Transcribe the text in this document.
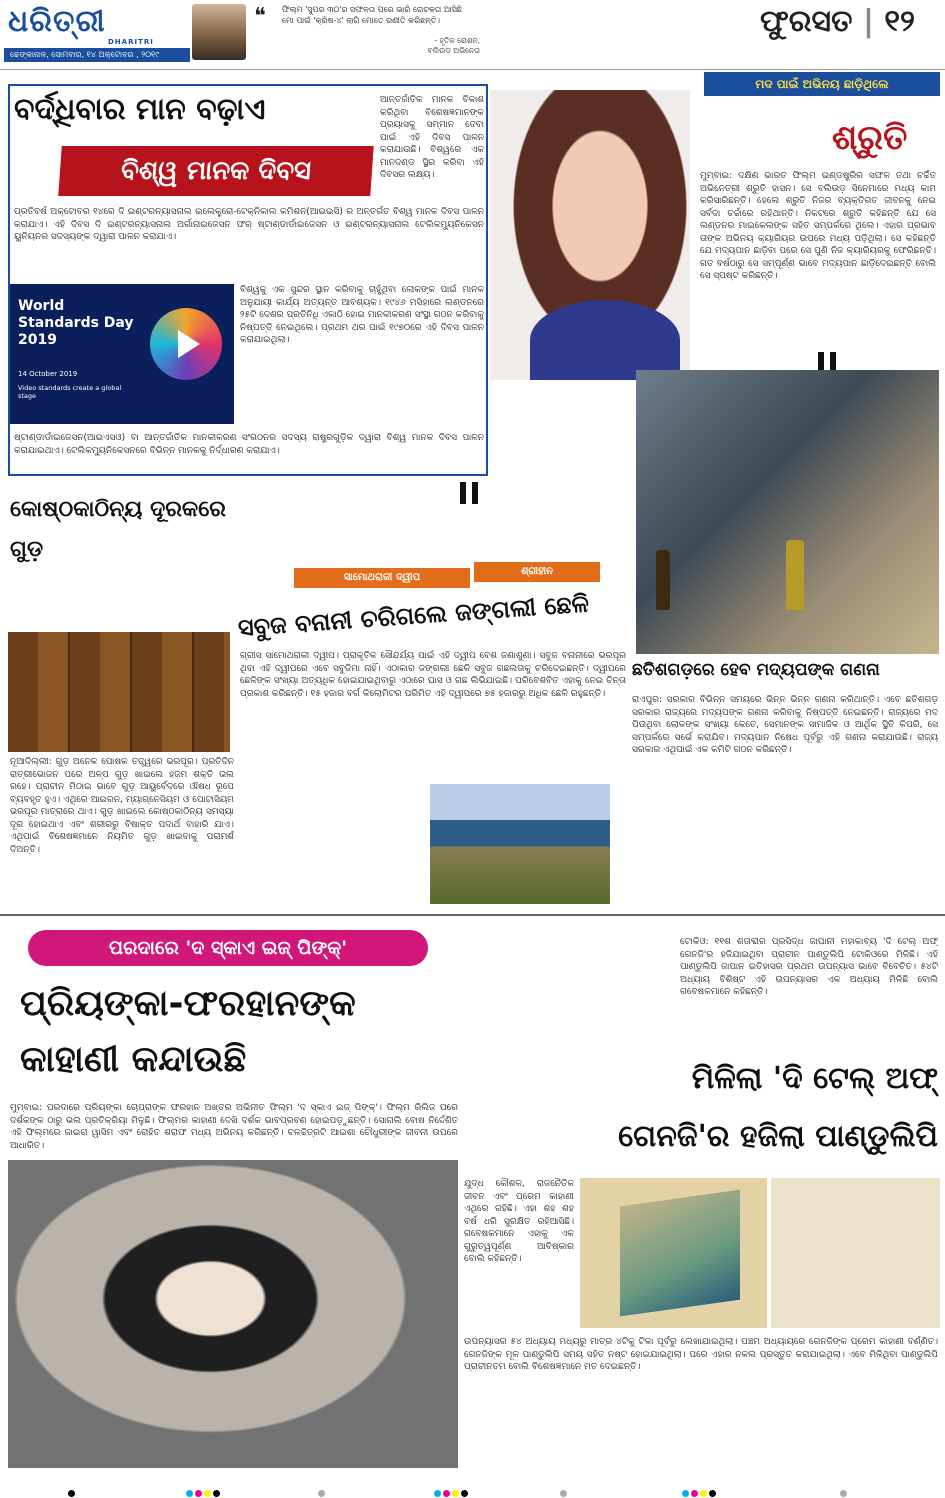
ଧରିତ୍ରୀ
DHARITRI
ଢେଙ୍କାନାଳ, ସୋମବାର, ୧୪ ଅକ୍ଟୋବର , ୨୦୧୯
❝ ଫିଲ୍ମ 'ସୁପର ୩୦'ର ସଫଳତା ପରେ ଭାରି ରୋଚକତା ଆସିଛି ମୋ ପାଇଁ 'କ୍ରିଷ-୪' ଲାଗି ମୋତେ ରଣୀତି କରିଛନ୍ତି।
- ହୃତିକ ରୋଶନ,
ବଲିଉଡ଼ ଅଭିନେତା
ଫୁରସତ | ୧୨
ବର୍ଦ୍ଧିବାର ମାନ ବଢ଼ାଏ
ବିଶ୍ୱ ମାନକ ଦିବସ
ଆନ୍ତର୍ଜାତିକ ମାନକ ବିକାଶ କରିଥିବା ବିଶେଷଜ୍ଞମାନଙ୍କ ପ୍ରୟାସକୁ ସମ୍ମାନ ଦେବା ପାଇଁ ଏହି ଦିବସ ପାଳନ କରାଯାଉଛି। ବିଶ୍ୱରେ ଏକ ମାନଦଣ୍ଡ ସ୍ଥିର କରିବା ଏହି ଦିବସର ଲକ୍ଷ୍ୟ।
ପ୍ରତିବର୍ଷ ଅକ୍ଟୋବର ୧୪ରେ ଦି ଇଣ୍ଟରନ୍ୟାସନାଲ ଇଲେକ୍ଟ୍ରୋ-ଟେକ୍ନିକାଲ କମିଶନ(ଆଇଇସି) ର ଅନ୍ତର୍ଗତ ବିଶ୍ୱ ମାନକ ଦିବସ ପାଳନ କରାଯାଏ। ଏହି ଦିବସ ଦି ଇଣ୍ଟରନ୍ୟାସନାଲ ଅର୍ଗାନାଇଜେସନ ଫର୍ ଷ୍ଟାଣ୍ଡାର୍ଡାଇଜେସନ ଓ ଇଣ୍ଟରନ୍ୟାସନାଲ ଟେଲିକମ୍ୟୁନିକେସନ ୟୁନିୟନର ସଦସ୍ୟଙ୍କ ଦ୍ୱାରା ପାଳନ କରାଯାଏ।
World Standards Day 2019
14 October 2019
Video standards create a global stage
ବିଶ୍ୱକୁ ଏକ ସୁନ୍ଦର ସ୍ଥାନ କରିବାକୁ ଚାହୁଁଥିବା ଲୋକଙ୍କ ପାଇଁ ମାନକ ଅନୁଯାୟୀ କାର୍ଯ୍ୟ ଅତ୍ୟନ୍ତ ଆବଶ୍ୟକ। ୧୯୪୬ ମସିହାରେ ଲଣ୍ଡନରେ ୨୫ଟି ଦେଶର ପ୍ରତିନିଧି ଏକାଠି ହୋଇ ମାନକୀକରଣ ସଂସ୍ଥା ଗଠନ କରିବାକୁ ନିଷ୍ପତ୍ତି ନେଇଥିଲେ। ପ୍ରଥମ ଥର ପାଇଁ ୧୯୭୦ରେ ଏହି ଦିବସ ପାଳନ କରାଯାଇଥିଲା।
ଷ୍ଟାଣ୍ଡାର୍ଡାଇଜେସନ(ଆଇଏସଓ) ବା ଆନ୍ତର୍ଜାତିକ ମାନକୀକରଣ ସଂଗଠନର ସଦସ୍ୟ ରାଷ୍ଟ୍ରଗୁଡ଼ିକ ଦ୍ୱାରା ବିଶ୍ୱ ମାନକ ଦିବସ ପାଳନ କରାଯାଇଥାଏ। ଟେଲିକମ୍ୟୁନିକେସନରେ ବିଭିନ୍ନ ମାନକକୁ ନିର୍ଦ୍ଧାରଣ କରାଯାଏ।
ମଦ ପାଇଁ ଅଭିନୟ ଛାଡ଼ିଥିଲେ
ଶ୍ରୁତି
ମୁମ୍ବାଇ: ଦକ୍ଷିଣ ଭାରତ ଫିଲ୍ମ ଇଣ୍ଡଷ୍ଟ୍ରିର ସଫଳ ତଥା ଚର୍ଚ୍ଚିତ ଅଭିନେତ୍ରୀ ଶ୍ରୁତି ହାସନ। ସେ ବଲିଉଡ଼ ସିନେମାରେ ମଧ୍ୟ କାମ କରିସାରିଛନ୍ତି। ହେଲେ ଶ୍ରୁତି ନିଜର ବ୍ୟକ୍ତିଗତ ଜୀବନକୁ ନେଇ ସର୍ବଦା ଚର୍ଚ୍ଚାରେ ରହିଥାନ୍ତି। ନିକଟରେ ଶ୍ରୁତି କହିଛନ୍ତି ଯେ ସେ ଲଣ୍ଡନର ମାଇକେଲଙ୍କ ସହିତ ସମ୍ପର୍କରେ ଥିଲେ। ଏହାର ପ୍ରଭାବ ତାଙ୍କ ଅଭିନୟ କ୍ୟାରିୟର ଉପରେ ମଧ୍ୟ ପଡ଼ିଥିଲା। ସେ କହିଛନ୍ତି ଯେ ମଦ୍ୟପାନ ଛାଡ଼ିବା ପରେ ସେ ପୁଣି ନିଜ କ୍ୟାରିୟରକୁ ଫେରିଛନ୍ତି। ଗତ ବର୍ଷଠାରୁ ସେ ସମ୍ପୂର୍ଣ୍ଣ ଭାବେ ମଦ୍ୟପାନ ଛାଡ଼ିଦେଇଛନ୍ତି ବୋଲି ସେ ସ୍ପଷ୍ଟ କରିଛନ୍ତି।
କୋଷ୍ଠକାଠିନ୍ୟ ଦୂରକରେ ଗୁଡ଼
ନୂଆଦିଲ୍ଲୀ: ଗୁଡ଼ ଅନେକ ପୋଷକ ତତ୍ତ୍ୱରେ ଭରପୂର। ପ୍ରତିଦିନ ରାତ୍ରୀଭୋଜନ ପରେ ଅଳ୍ପ ଗୁଡ଼ ଖାଇଲେ ହଜମ ଶକ୍ତି ଭଲ ରହେ। ପ୍ରାଚୀନ ମିଠାଇ ଭାବେ ଗୁଡ଼ ଆୟୁର୍ବେଦରେ ଔଷଧ ରୂପେ ବ୍ୟବହୃତ ହୁଏ। ଏଥିରେ ଆଇରନ, ମ୍ୟାଗ୍ନେସିୟମ ଓ ପୋଟାସିୟମ ଭରପୂର ମାତ୍ରାରେ ଥାଏ। ଗୁଡ଼ ଖାଇଲେ କୋଷ୍ଠକାଠିନ୍ୟ ସମସ୍ୟା ଦୂର ହୋଇଥାଏ ଏବଂ ଶରୀରରୁ ବିଷାକ୍ତ ପଦାର୍ଥ ବାହାରି ଯାଏ। ଏଥିପାଇଁ ବିଶେଷଜ୍ଞମାନେ ନିୟମିତ ଗୁଡ଼ ଖାଇବାକୁ ପରାମର୍ଶ ଦିଅନ୍ତି।
ସାମୋଥରାକୀ ଦ୍ୱୀପ
ଶ୍ରୀହୀନ
ସବୁଜ ବନାନୀ ଚରିଗଲେ ଜଙ୍ଗଲୀ ଛେଳି
ଗ୍ରୀସ ସାମୋଥରାକୀ ଦ୍ୱୀପ। ପ୍ରାକୃତିକ ସୌନ୍ଦର୍ଯ୍ୟ ପାଇଁ ଏହି ଦ୍ୱୀପ ବେଶ ଜଣାଶୁଣା। ସବୁଜ ବନାନୀରେ ଭରପୂର ଥିବା ଏହି ଦ୍ୱୀପରେ ଏବେ ସବୁଜିମା ନାହିଁ। ଏଠାକାର ଜଙ୍ଗଲୀ ଛେଳି ସବୁଜ ଗଛଲତାକୁ ଚରିଦେଇଛନ୍ତି। ଦ୍ୱୀପରେ ଛେଳିଙ୍କ ସଂଖ୍ୟା ଅତ୍ୟଧିକ ହୋଇଯାଇଥିବାରୁ ଏଠାରେ ଘାସ ଓ ଗଛ ଲିଭିଯାଇଛି। ପରିବେଶବିତ ଏହାକୁ ନେଇ ଚିନ୍ତା ପ୍ରକାଶ କରିଛନ୍ତି। ୧୫ ହଜାର ବର୍ଗ କିଲୋମିଟର ପରିମିତ ଏହି ଦ୍ୱୀପରେ ୭୫ ହଜାରରୁ ଅଧିକ ଛେଳି ରହୁଛନ୍ତି।
ଛତିଶଗଡ଼ରେ ହେବ ମଦ୍ୟପଙ୍କ ଗଣନା
ରାଏପୁର: ସରକାର ବିଭିନ୍ନ ସମୟରେ ଭିନ୍ନ ଭିନ୍ନ ଗଣନା କରିଥାନ୍ତି। ଏବେ ଛତିଶଗଡ଼ ସରକାର ରାଜ୍ୟରେ ମଦ୍ୟପଙ୍କ ଗଣନା କରିବାକୁ ନିଷ୍ପତ୍ତି ନେଇଛନ୍ତି। ରାଜ୍ୟରେ ମଦ ପିଉଥିବା ଲୋକଙ୍କ ସଂଖ୍ୟା କେତେ, ସେମାନଙ୍କ ସାମାଜିକ ଓ ଆର୍ଥିକ ସ୍ଥିତି କିପରି, ସେ ସମ୍ପର୍କରେ ସର୍ଭେ କରାଯିବ। ମଦ୍ୟପାନ ନିଷେଧ ପୂର୍ବରୁ ଏହି ଗଣନା କରାଯାଉଛି। ରାଜ୍ୟ ସରକାର ଏଥିପାଇଁ ଏକ କମିଟି ଗଠନ କରିଛନ୍ତି।
ପରଦାରେ 'ଦ ସ୍କାଏ ଇଜ୍ ପିଙ୍କ୍'
ପ୍ରିୟଙ୍କା-ଫରହାନଙ୍କ
କାହାଣୀ କନ୍ଦାଉଛି
ମୁମ୍ବାଇ: ପରଦାରେ ପ୍ରିୟଙ୍କା ଚୋପ୍ରାଙ୍କ ଫରହାନ ଅଖ୍ତର ଅଭିନୀତ ଫିଲ୍ମ 'ଦ ସ୍କାଏ ଇଜ୍ ପିଙ୍କ୍'। ଫିଲ୍ମ ରିଲିଜ ପରେ ଦର୍ଶକଙ୍କ ଠାରୁ ଭଲ ପ୍ରତିକ୍ରିୟା ମିଳୁଛି। ଫିଲ୍ମର କାହାଣୀ ଦେଖି ଦର୍ଶକ ଭାବପ୍ରବଣ ହୋଇପଡ଼ୁଛନ୍ତି। ସୋନାଲି ବୋଷ ନିର୍ଦ୍ଦେଶିତ ଏହି ଫିଲ୍ମରେ ଜାଇରା ୱାସିମ ଏବଂ ରୋହିତ ଶରାଫ ମଧ୍ୟ ଅଭିନୟ କରିଛନ୍ତି। ଚଳଚ୍ଚିତ୍ରଟି ଆଇଶା ଚୌଧୁରୀଙ୍କ ଜୀବନୀ ଉପରେ ଆଧାରିତ।
ଟୋକିଓ: ୧୧ଶ ଶତାବ୍ଦୀର ପ୍ରସିଦ୍ଧ ଜାପାନୀ ମହାକାବ୍ୟ 'ଦି ଟେଲ୍ ଅଫ୍ ଗେନଜି'ର ହଜିଯାଇଥିବା ପ୍ରାଚୀନ ପାଣ୍ଡୁଲିପି ଟୋକିଓରେ ମିଳିଛି। ଏହି ପାଣ୍ଡୁଲିପି ଜାପାନ ଇତିହାସର ପ୍ରଥମ ଉପନ୍ୟାସ ଭାବେ ବିବେଚିତ। ୫୪ଟି ଅଧ୍ୟାୟ ବିଶିଷ୍ଟ ଏହି ଉପନ୍ୟାସର ଏକ ଅଧ୍ୟାୟ ମିଳିଛି ବୋଲି ଗବେଷକମାନେ କହିଛନ୍ତି।
ମିଳିଲା 'ଦି ଟେଲ୍ ଅଫ୍
ଗେନଜି'ର ହଜିଲା ପାଣ୍ଡୁଲିପି
ଯୁଦ୍ଧ କୌଶଳ, ରାଜନୈତିକ ଜୀବନ ଏବଂ ପ୍ରେମ କାହାଣୀ ଏଥିରେ ରହିଛି। ଏହା ଶହ ଶହ ବର୍ଷ ଧରି ସୁରକ୍ଷିତ ରହିଆସିଛି। ଗବେଷକମାନେ ଏହାକୁ ଏକ ଗୁରୁତ୍ୱପୂର୍ଣ୍ଣ ଆବିଷ୍କାର ବୋଲି କହିଛନ୍ତି।
ଉପନ୍ୟାସର ୫୪ ଅଧ୍ୟାୟ ମଧ୍ୟରୁ ମାତ୍ର ୪ଟିକୁ ଟିକା ପୂର୍ବରୁ ଲେଖାଯାଇଥିଲା। ପଞ୍ଚମ ଅଧ୍ୟାୟରେ ଗେନଜିଙ୍କ ପ୍ରେମ କାହାଣୀ ବର୍ଣ୍ଣିତ। ଗେନଜିଙ୍କ ମୂଳ ପାଣ୍ଡୁଲିପି ସମୟ ସହିତ ନଷ୍ଟ ହୋଇଯାଇଥିଲା। ପରେ ଏହାର ନକଲ ପ୍ରସ୍ତୁତ କରାଯାଇଥିଲା। ଏବେ ମିଳିଥିବା ପାଣ୍ଡୁଲିପି ପ୍ରାଚୀନତମ ବୋଲି ବିଶେଷଜ୍ଞମାନେ ମତ ଦେଇଛନ୍ତି।
